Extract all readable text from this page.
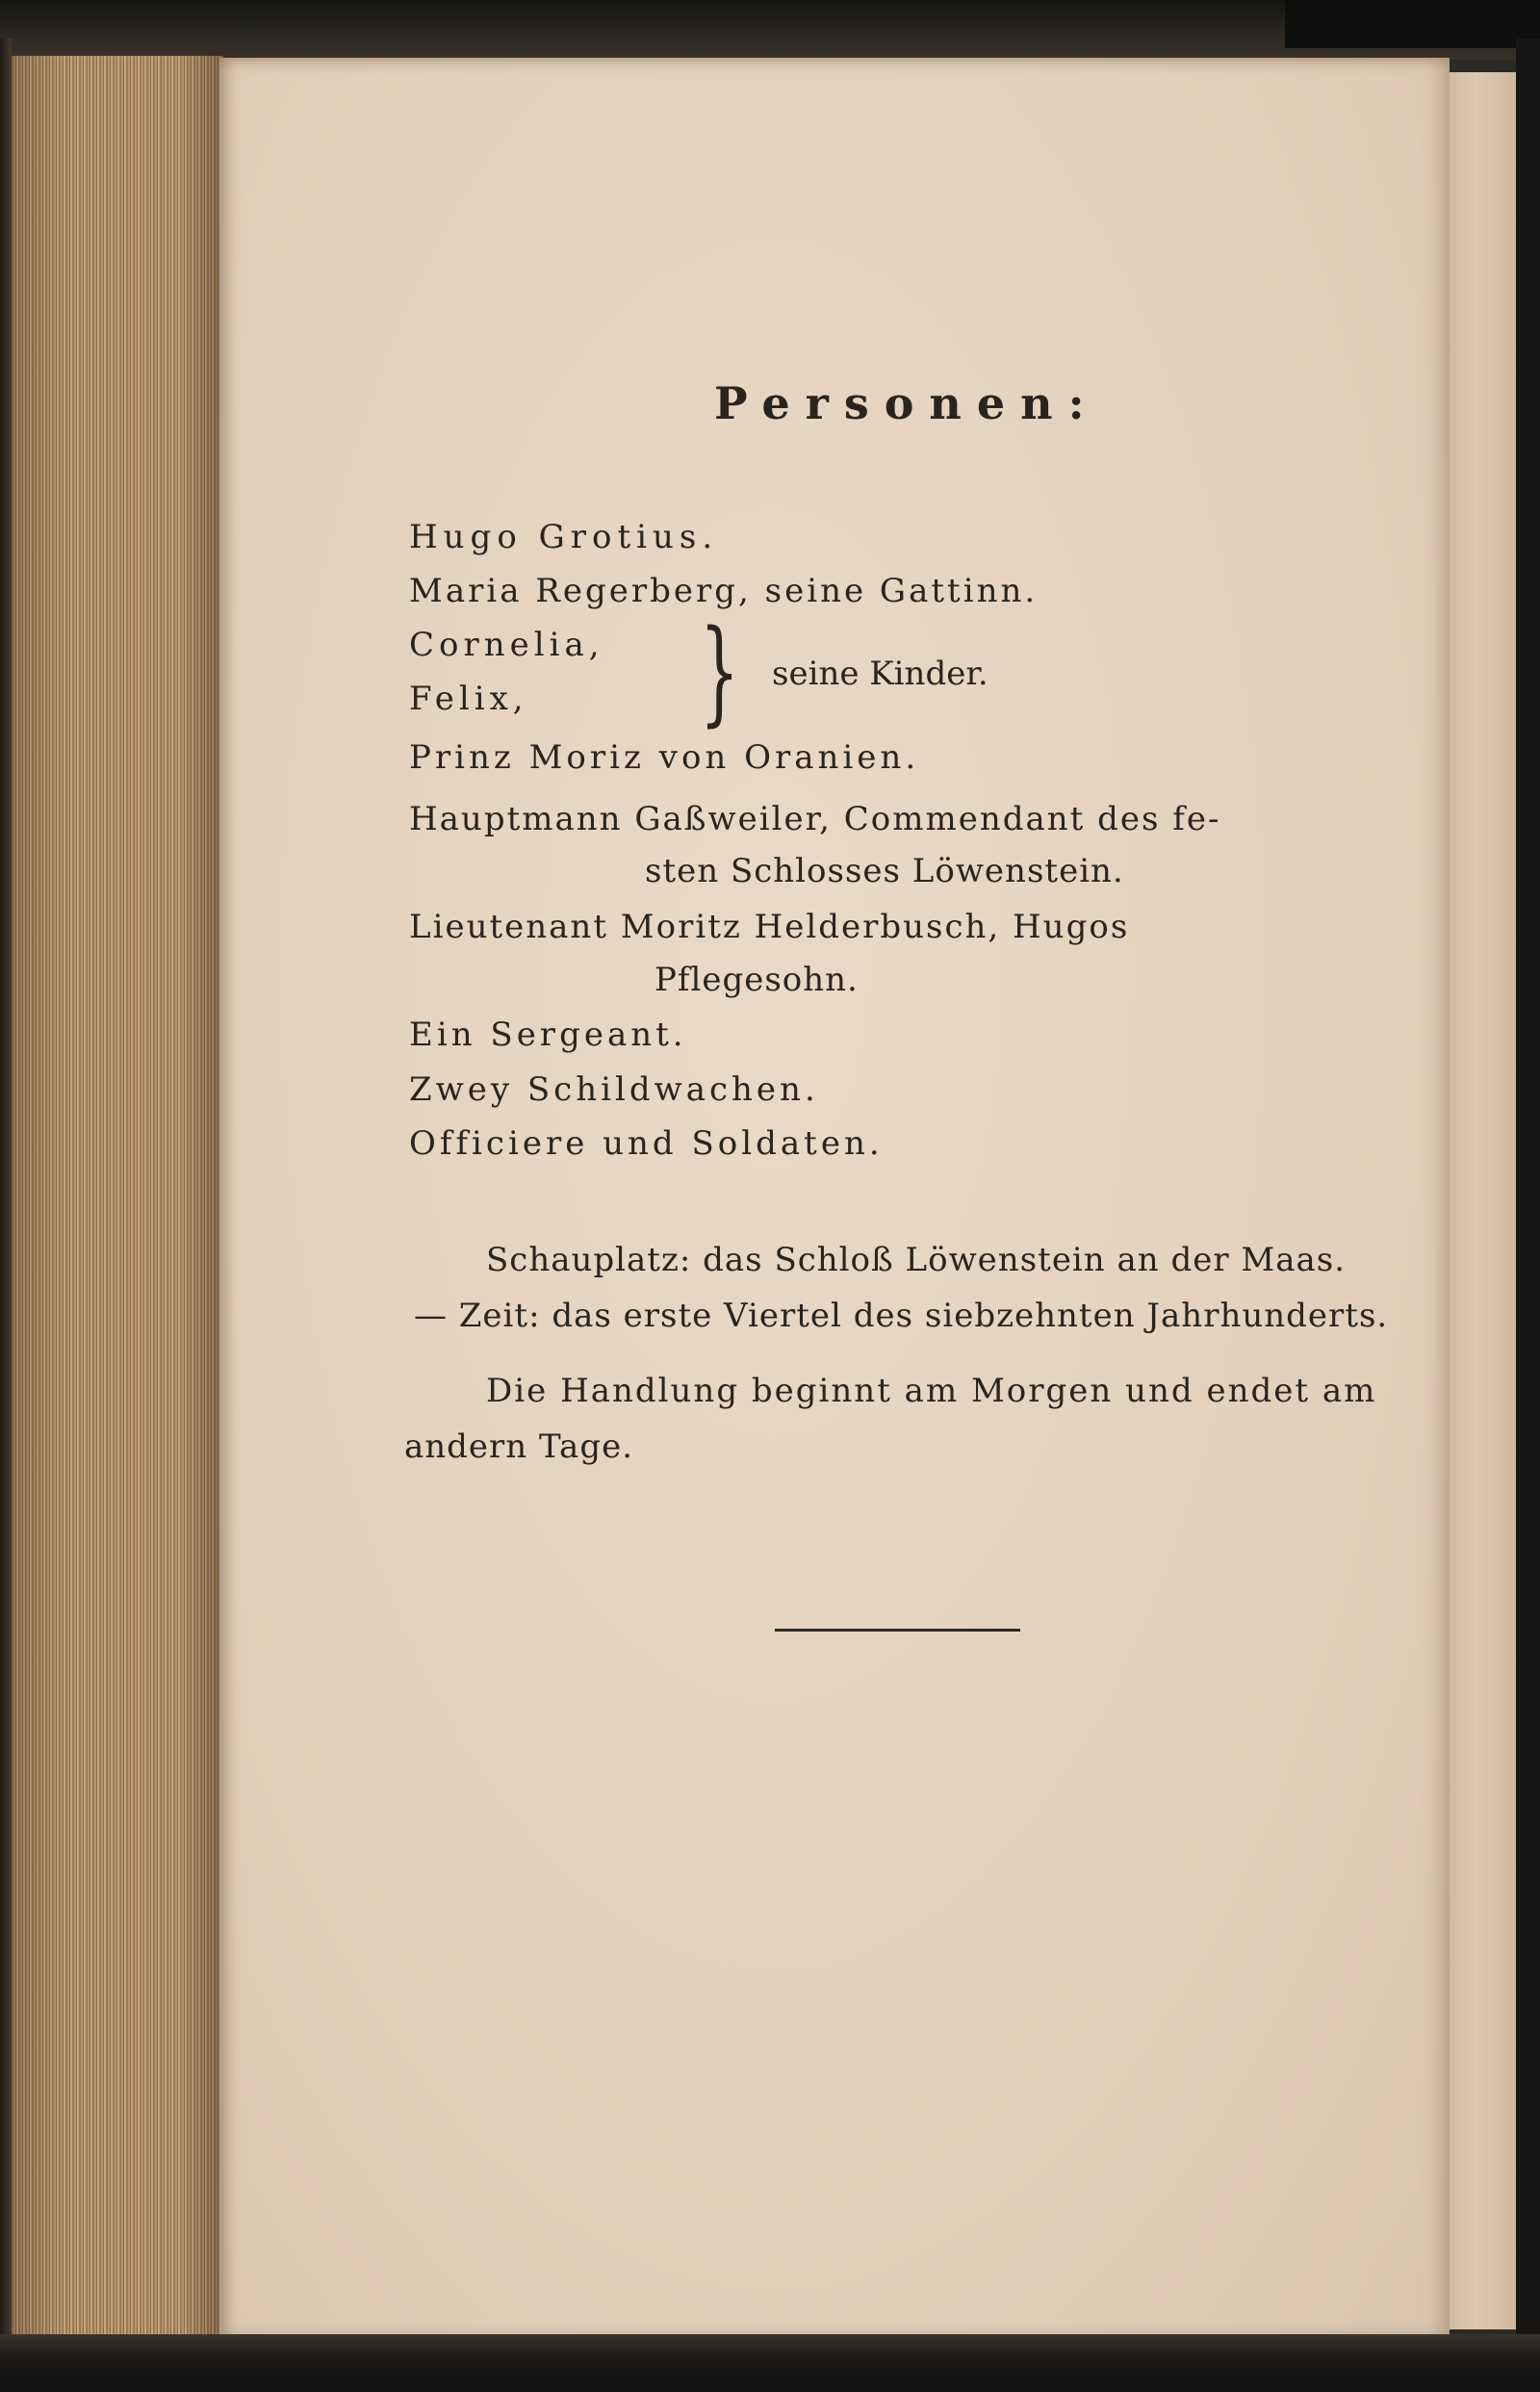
Personen:
Hugo Grotius.
Maria Regerberg, seine Gattinn.
Cornelia,
Felix,	} seine Kinder.
Prinz Moriz von Oranien.
Hauptmann Gaßweiler, Commendant des fe-
sten Schlosses Löwenstein.
Lieutenant Moritz Helderbusch, Hugos
Pflegesohn.
Ein Sergeant.
Zwey Schildwachen.
Officiere und Soldaten.
Schauplatz: das Schloß Löwenstein an der Maas.
— Zeit: das erste Viertel des siebzehnten Jahrhunderts.
Die Handlung beginnt am Morgen und endet am
andern Tage.
